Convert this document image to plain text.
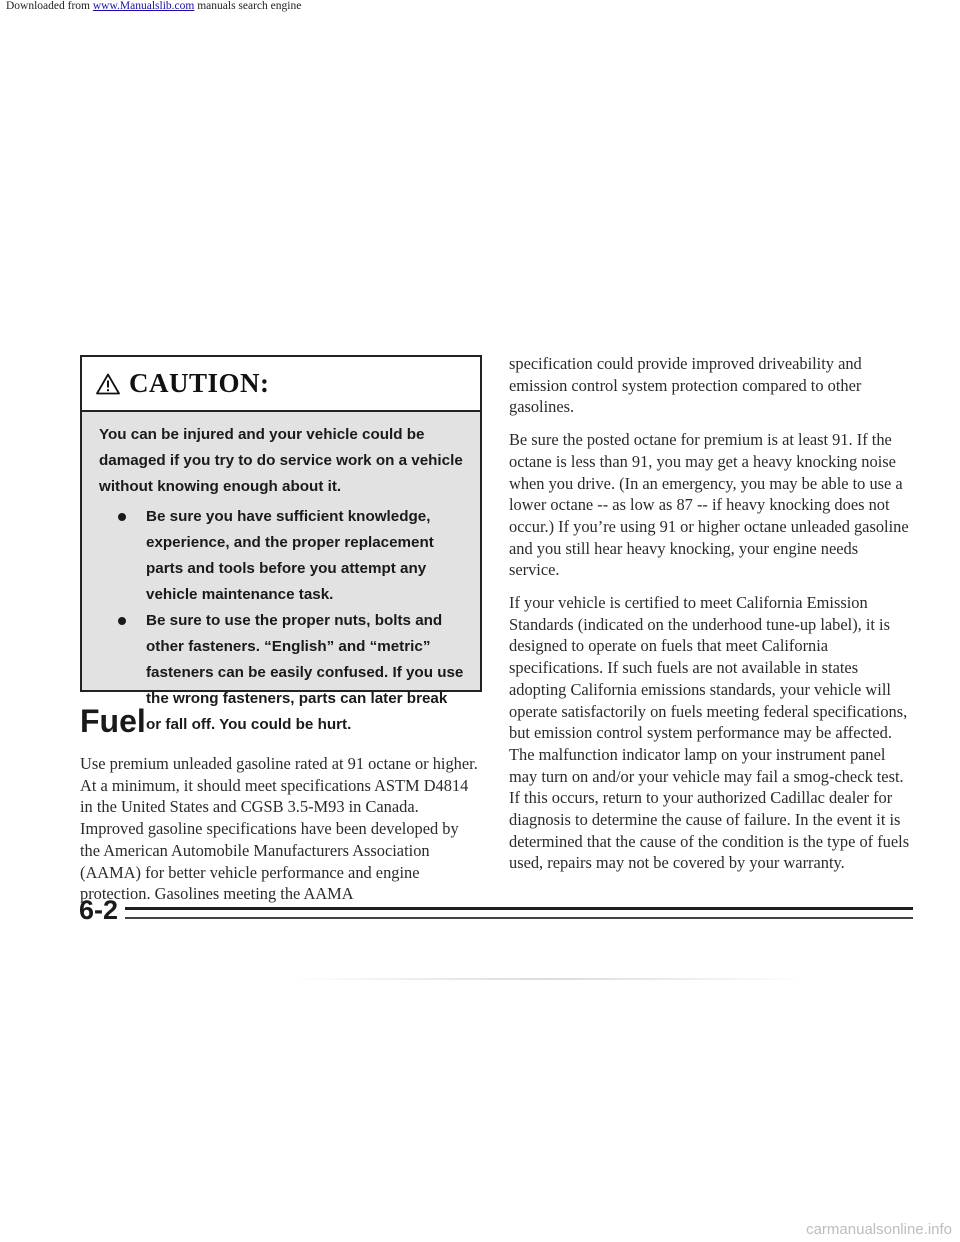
Downloaded from www.Manualslib.com manuals search engine
CAUTION:

You can be injured and your vehicle could be damaged if you try to do service work on a vehicle without knowing enough about it.

Be sure you have sufficient knowledge, experience, and the proper replacement parts and tools before you attempt any vehicle maintenance task.
Be sure to use the proper nuts, bolts and other fasteners. “English” and “metric” fasteners can be easily confused. If you use the wrong fasteners, parts can later break or fall off. You could be hurt.
Fuel

Use premium unleaded gasoline rated at 91 octane or higher. At a minimum, it should meet specifications ASTM D4814 in the United States and CGSB 3.5-M93 in Canada. Improved gasoline specifications have been developed by the American Automobile Manufacturers Association (AAMA) for better vehicle performance and engine protection. Gasolines meeting the AAMA

specification could provide improved driveability and emission control system protection compared to other gasolines.

Be sure the posted octane for premium is at least 91. If the octane is less than 91, you may get a heavy knocking noise when you drive. (In an emergency, you may be able to use a lower octane -- as low as 87 -- if heavy knocking does not occur.) If you’re using 91 or higher octane unleaded gasoline and you still hear heavy knocking, your engine needs service.

If your vehicle is certified to meet California Emission Standards (indicated on the underhood tune-up label), it is designed to operate on fuels that meet California specifications. If such fuels are not available in states adopting California emissions standards, your vehicle will operate satisfactorily on fuels meeting federal specifications, but emission control system performance may be affected. The malfunction indicator lamp on your instrument panel may turn on and/or your vehicle may fail a smog-check test. If this occurs, return to your authorized Cadillac dealer for diagnosis to determine the cause of failure. In the event it is determined that the cause of the condition is the type of fuels used, repairs may not be covered by your warranty.

6-2
carmanualsonline.info
